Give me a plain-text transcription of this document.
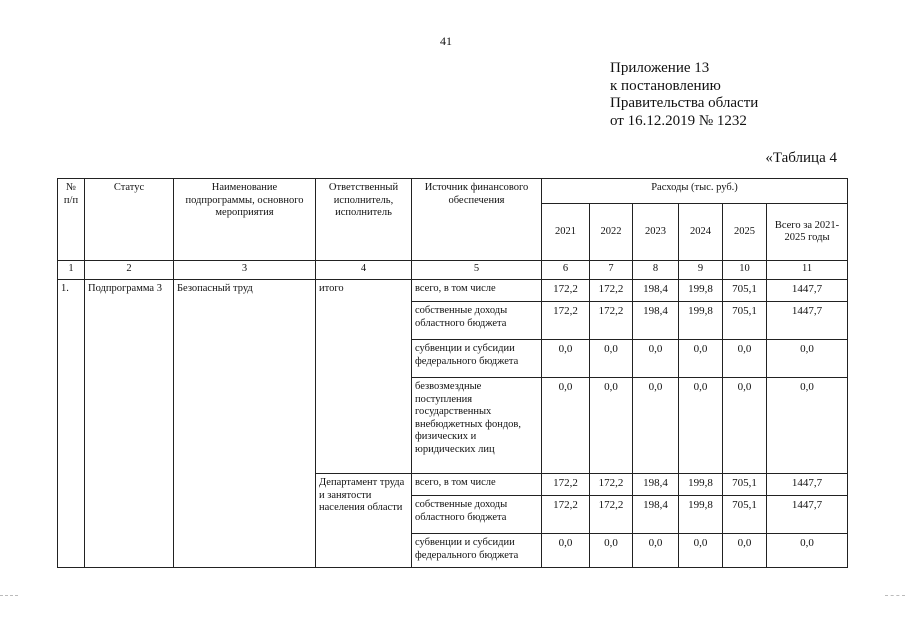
41
Приложение 13
к постановлению
Правительства области
от 16.12.2019 № 1232
«Таблица 4
№ п/п	Статус	Наименование подпрограммы, основного мероприятия	Ответственный исполнитель, исполнитель	Источник финансового обеспечения	Расходы (тыс. руб.)					
					2021	2022	2023	2024	2025	Всего за 2021-2025 годы
1	2	3	4	5	6	7	8	9	10	11
1.	Подпрограмма 3	Безопасный труд	итого	всего, в том числе	172,2	172,2	198,4	199,8	705,1	1447,7
				собственные доходы областного бюджета	172,2	172,2	198,4	199,8	705,1	1447,7
				субвенции и субсидии федерального бюджета	0,0	0,0	0,0	0,0	0,0	0,0
				безвозмездные поступления государственных внебюджетных фондов, физических и юридических лиц	0,0	0,0	0,0	0,0	0,0	0,0
			Департамент труда и занятости населения области	всего, в том числе	172,2	172,2	198,4	199,8	705,1	1447,7
				собственные доходы областного бюджета	172,2	172,2	198,4	199,8	705,1	1447,7
				субвенции и субсидии федерального бюджета	0,0	0,0	0,0	0,0	0,0	0,0
